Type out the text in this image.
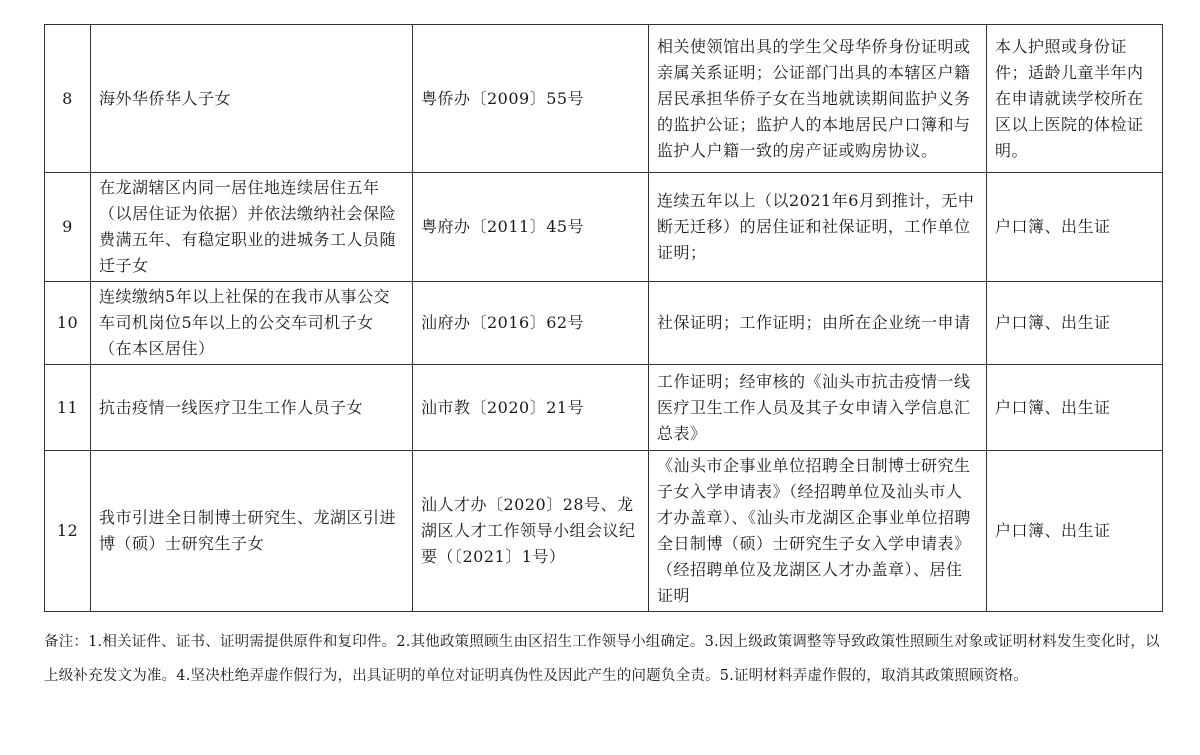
8	海外华侨华人子女	粤侨办〔2009〕55号	相关使领馆出具的学生父母华侨身份证明或亲属关系证明；公证部门出具的本辖区户籍居民承担华侨子女在当地就读期间监护义务的监护公证；监护人的本地居民户口簿和与监护人户籍一致的房产证或购房协议。	本人护照或身份证件；适龄儿童半年内在申请就读学校所在区以上医院的体检证明。
9	在龙湖辖区内同一居住地连续居住五年（以居住证为依据）并依法缴纳社会保险费满五年、有稳定职业的进城务工人员随迁子女	粤府办〔2011〕45号	连续五年以上（以2021年6月到推计，无中断无迁移）的居住证和社保证明，工作单位证明；	户口簿、出生证
10	连续缴纳5年以上社保的在我市从事公交车司机岗位5年以上的公交车司机子女（在本区居住）	汕府办〔2016〕62号	社保证明；工作证明；由所在企业统一申请	户口簿、出生证
11	抗击疫情一线医疗卫生工作人员子女	汕市教〔2020〕21号	工作证明；经审核的《汕头市抗击疫情一线医疗卫生工作人员及其子女申请入学信息汇总表》	户口簿、出生证
12	我市引进全日制博士研究生、龙湖区引进博（硕）士研究生子女	汕人才办〔2020〕28号、龙湖区人才工作领导小组会议纪要（〔2021〕1号）	《汕头市企事业单位招聘全日制博士研究生子女入学申请表》（经招聘单位及汕头市人才办盖章）、《汕头市龙湖区企事业单位招聘全日制博（硕）士研究生子女入学申请表》（经招聘单位及龙湖区人才办盖章）、居住证明	户口簿、出生证
备注：1.相关证件、证书、证明需提供原件和复印件。2.其他政策照顾生由区招生工作领导小组确定。3.因上级政策调整等导致政策性照顾生对象或证明材料发生变化时，以上级补充发文为准。4.坚决杜绝弄虚作假行为，出具证明的单位对证明真伪性及因此产生的问题负全责。5.证明材料弄虚作假的，取消其政策照顾资格。
